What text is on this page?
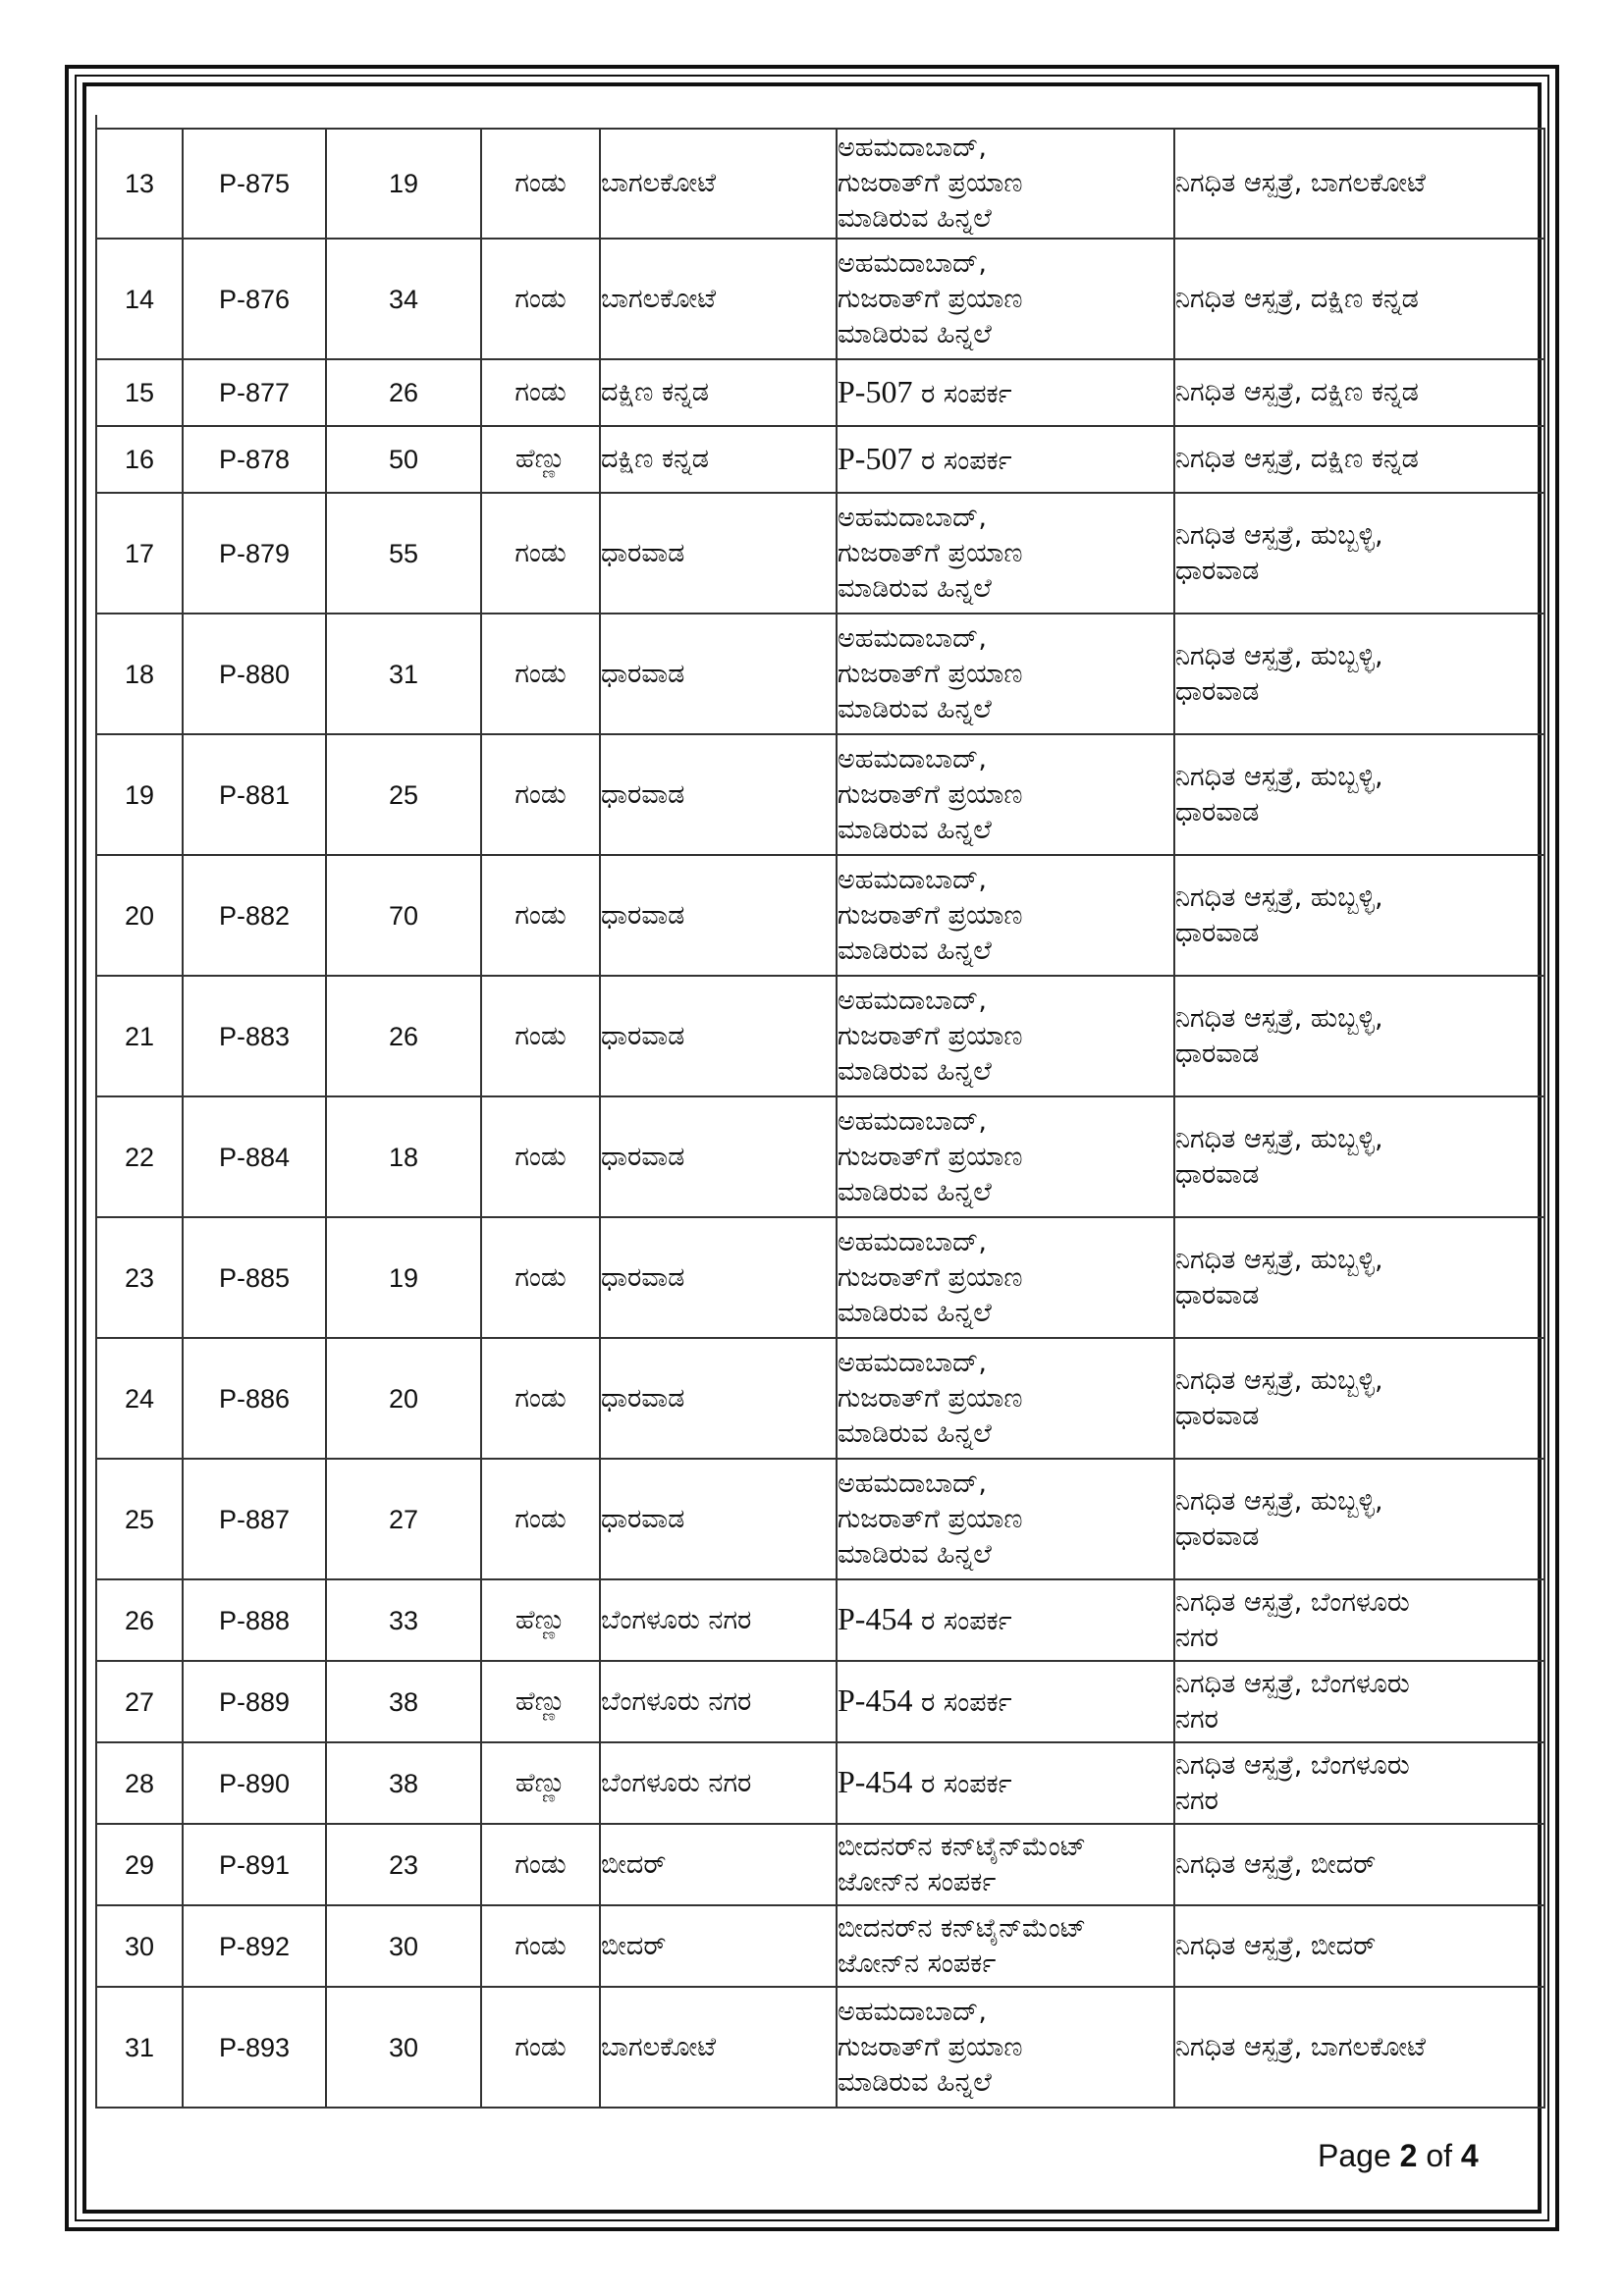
13	P-875	19	ಗಂಡು	ಬಾಗಲಕೋಟೆ	ಅಹಮದಾಬಾದ್,
ಗುಜರಾತ್‌ಗೆ ಪ್ರಯಾಣ
ಮಾಡಿರುವ ಹಿನ್ನಲೆ	ನಿಗಧಿತ ಆಸ್ಪತ್ರೆ, ಬಾಗಲಕೋಟೆ

14	P-876	34	ಗಂಡು	ಬಾಗಲಕೋಟೆ	ಅಹಮದಾಬಾದ್,
ಗುಜರಾತ್‌ಗೆ ಪ್ರಯಾಣ
ಮಾಡಿರುವ ಹಿನ್ನಲೆ	ನಿಗಧಿತ ಆಸ್ಪತ್ರೆ, ದಕ್ಷಿಣ ಕನ್ನಡ

15	P-877	26	ಗಂಡು	ದಕ್ಷಿಣ ಕನ್ನಡ	P-507 ರ ಸಂಪರ್ಕ	ನಿಗಧಿತ ಆಸ್ಪತ್ರೆ, ದಕ್ಷಿಣ ಕನ್ನಡ

16	P-878	50	ಹೆಣ್ಣು	ದಕ್ಷಿಣ ಕನ್ನಡ	P-507 ರ ಸಂಪರ್ಕ	ನಿಗಧಿತ ಆಸ್ಪತ್ರೆ, ದಕ್ಷಿಣ ಕನ್ನಡ

17	P-879	55	ಗಂಡು	ಧಾರವಾಡ	ಅಹಮದಾಬಾದ್,
ಗುಜರಾತ್‌ಗೆ ಪ್ರಯಾಣ
ಮಾಡಿರುವ ಹಿನ್ನಲೆ	ನಿಗಧಿತ ಆಸ್ಪತ್ರೆ, ಹುಬ್ಬಳ್ಳಿ,
ಧಾರವಾಡ

18	P-880	31	ಗಂಡು	ಧಾರವಾಡ	ಅಹಮದಾಬಾದ್,
ಗುಜರಾತ್‌ಗೆ ಪ್ರಯಾಣ
ಮಾಡಿರುವ ಹಿನ್ನಲೆ	ನಿಗಧಿತ ಆಸ್ಪತ್ರೆ, ಹುಬ್ಬಳ್ಳಿ,
ಧಾರವಾಡ

19	P-881	25	ಗಂಡು	ಧಾರವಾಡ	ಅಹಮದಾಬಾದ್,
ಗುಜರಾತ್‌ಗೆ ಪ್ರಯಾಣ
ಮಾಡಿರುವ ಹಿನ್ನಲೆ	ನಿಗಧಿತ ಆಸ್ಪತ್ರೆ, ಹುಬ್ಬಳ್ಳಿ,
ಧಾರವಾಡ

20	P-882	70	ಗಂಡು	ಧಾರವಾಡ	ಅಹಮದಾಬಾದ್,
ಗುಜರಾತ್‌ಗೆ ಪ್ರಯಾಣ
ಮಾಡಿರುವ ಹಿನ್ನಲೆ	ನಿಗಧಿತ ಆಸ್ಪತ್ರೆ, ಹುಬ್ಬಳ್ಳಿ,
ಧಾರವಾಡ

21	P-883	26	ಗಂಡು	ಧಾರವಾಡ	ಅಹಮದಾಬಾದ್,
ಗುಜರಾತ್‌ಗೆ ಪ್ರಯಾಣ
ಮಾಡಿರುವ ಹಿನ್ನಲೆ	ನಿಗಧಿತ ಆಸ್ಪತ್ರೆ, ಹುಬ್ಬಳ್ಳಿ,
ಧಾರವಾಡ

22	P-884	18	ಗಂಡು	ಧಾರವಾಡ	ಅಹಮದಾಬಾದ್,
ಗುಜರಾತ್‌ಗೆ ಪ್ರಯಾಣ
ಮಾಡಿರುವ ಹಿನ್ನಲೆ	ನಿಗಧಿತ ಆಸ್ಪತ್ರೆ, ಹುಬ್ಬಳ್ಳಿ,
ಧಾರವಾಡ

23	P-885	19	ಗಂಡು	ಧಾರವಾಡ	ಅಹಮದಾಬಾದ್,
ಗುಜರಾತ್‌ಗೆ ಪ್ರಯಾಣ
ಮಾಡಿರುವ ಹಿನ್ನಲೆ	ನಿಗಧಿತ ಆಸ್ಪತ್ರೆ, ಹುಬ್ಬಳ್ಳಿ,
ಧಾರವಾಡ

24	P-886	20	ಗಂಡು	ಧಾರವಾಡ	ಅಹಮದಾಬಾದ್,
ಗುಜರಾತ್‌ಗೆ ಪ್ರಯಾಣ
ಮಾಡಿರುವ ಹಿನ್ನಲೆ	ನಿಗಧಿತ ಆಸ್ಪತ್ರೆ, ಹುಬ್ಬಳ್ಳಿ,
ಧಾರವಾಡ

25	P-887	27	ಗಂಡು	ಧಾರವಾಡ	ಅಹಮದಾಬಾದ್,
ಗುಜರಾತ್‌ಗೆ ಪ್ರಯಾಣ
ಮಾಡಿರುವ ಹಿನ್ನಲೆ	ನಿಗಧಿತ ಆಸ್ಪತ್ರೆ, ಹುಬ್ಬಳ್ಳಿ,
ಧಾರವಾಡ

26	P-888	33	ಹೆಣ್ಣು	ಬೆಂಗಳೂರು ನಗರ	P-454 ರ ಸಂಪರ್ಕ	ನಿಗಧಿತ ಆಸ್ಪತ್ರೆ, ಬೆಂಗಳೂರು
ನಗರ

27	P-889	38	ಹೆಣ್ಣು	ಬೆಂಗಳೂರು ನಗರ	P-454 ರ ಸಂಪರ್ಕ	ನಿಗಧಿತ ಆಸ್ಪತ್ರೆ, ಬೆಂಗಳೂರು
ನಗರ

28	P-890	38	ಹೆಣ್ಣು	ಬೆಂಗಳೂರು ನಗರ	P-454 ರ ಸಂಪರ್ಕ	ನಿಗಧಿತ ಆಸ್ಪತ್ರೆ, ಬೆಂಗಳೂರು
ನಗರ

29	P-891	23	ಗಂಡು	ಬೀದರ್	ಬೀದನರ್‌ನ ಕನ್‌ಟೈನ್‌ಮೆಂಟ್
ಜೋನ್‌ನ ಸಂಪರ್ಕ	ನಿಗಧಿತ ಆಸ್ಪತ್ರೆ, ಬೀದರ್

30	P-892	30	ಗಂಡು	ಬೀದರ್	ಬೀದನರ್‌ನ ಕನ್‌ಟೈನ್‌ಮೆಂಟ್
ಜೋನ್‌ನ ಸಂಪರ್ಕ	ನಿಗಧಿತ ಆಸ್ಪತ್ರೆ, ಬೀದರ್

31	P-893	30	ಗಂಡು	ಬಾಗಲಕೋಟೆ	ಅಹಮದಾಬಾದ್,
ಗುಜರಾತ್‌ಗೆ ಪ್ರಯಾಣ
ಮಾಡಿರುವ ಹಿನ್ನಲೆ	ನಿಗಧಿತ ಆಸ್ಪತ್ರೆ, ಬಾಗಲಕೋಟೆ
Page 2 of 4
